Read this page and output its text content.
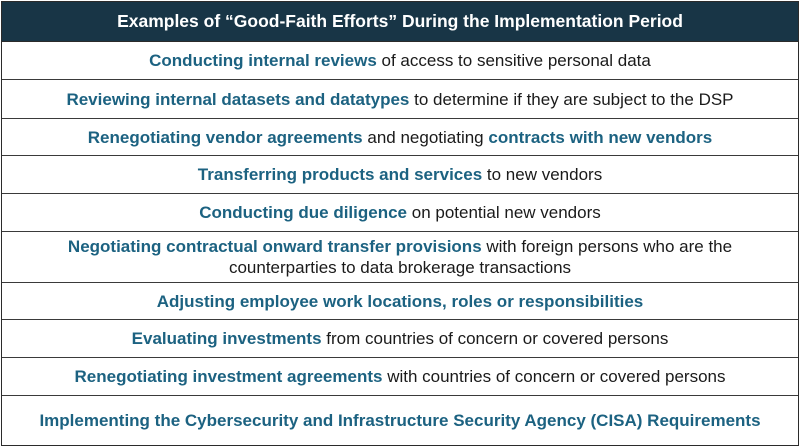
Examples of “Good-Faith Efforts” During the Implementation Period
Conducting internal reviews of access to sensitive personal data
Reviewing internal datasets and datatypes to determine if they are subject to the DSP
Renegotiating vendor agreements and negotiating contracts with new vendors
Transferring products and services to new vendors
Conducting due diligence on potential new vendors
Negotiating contractual onward transfer provisions with foreign persons who are the counterparties to data brokerage transactions
Adjusting employee work locations, roles or responsibilities
Evaluating investments from countries of concern or covered persons
Renegotiating investment agreements with countries of concern or covered persons
Implementing the Cybersecurity and Infrastructure Security Agency (CISA) Requirements
